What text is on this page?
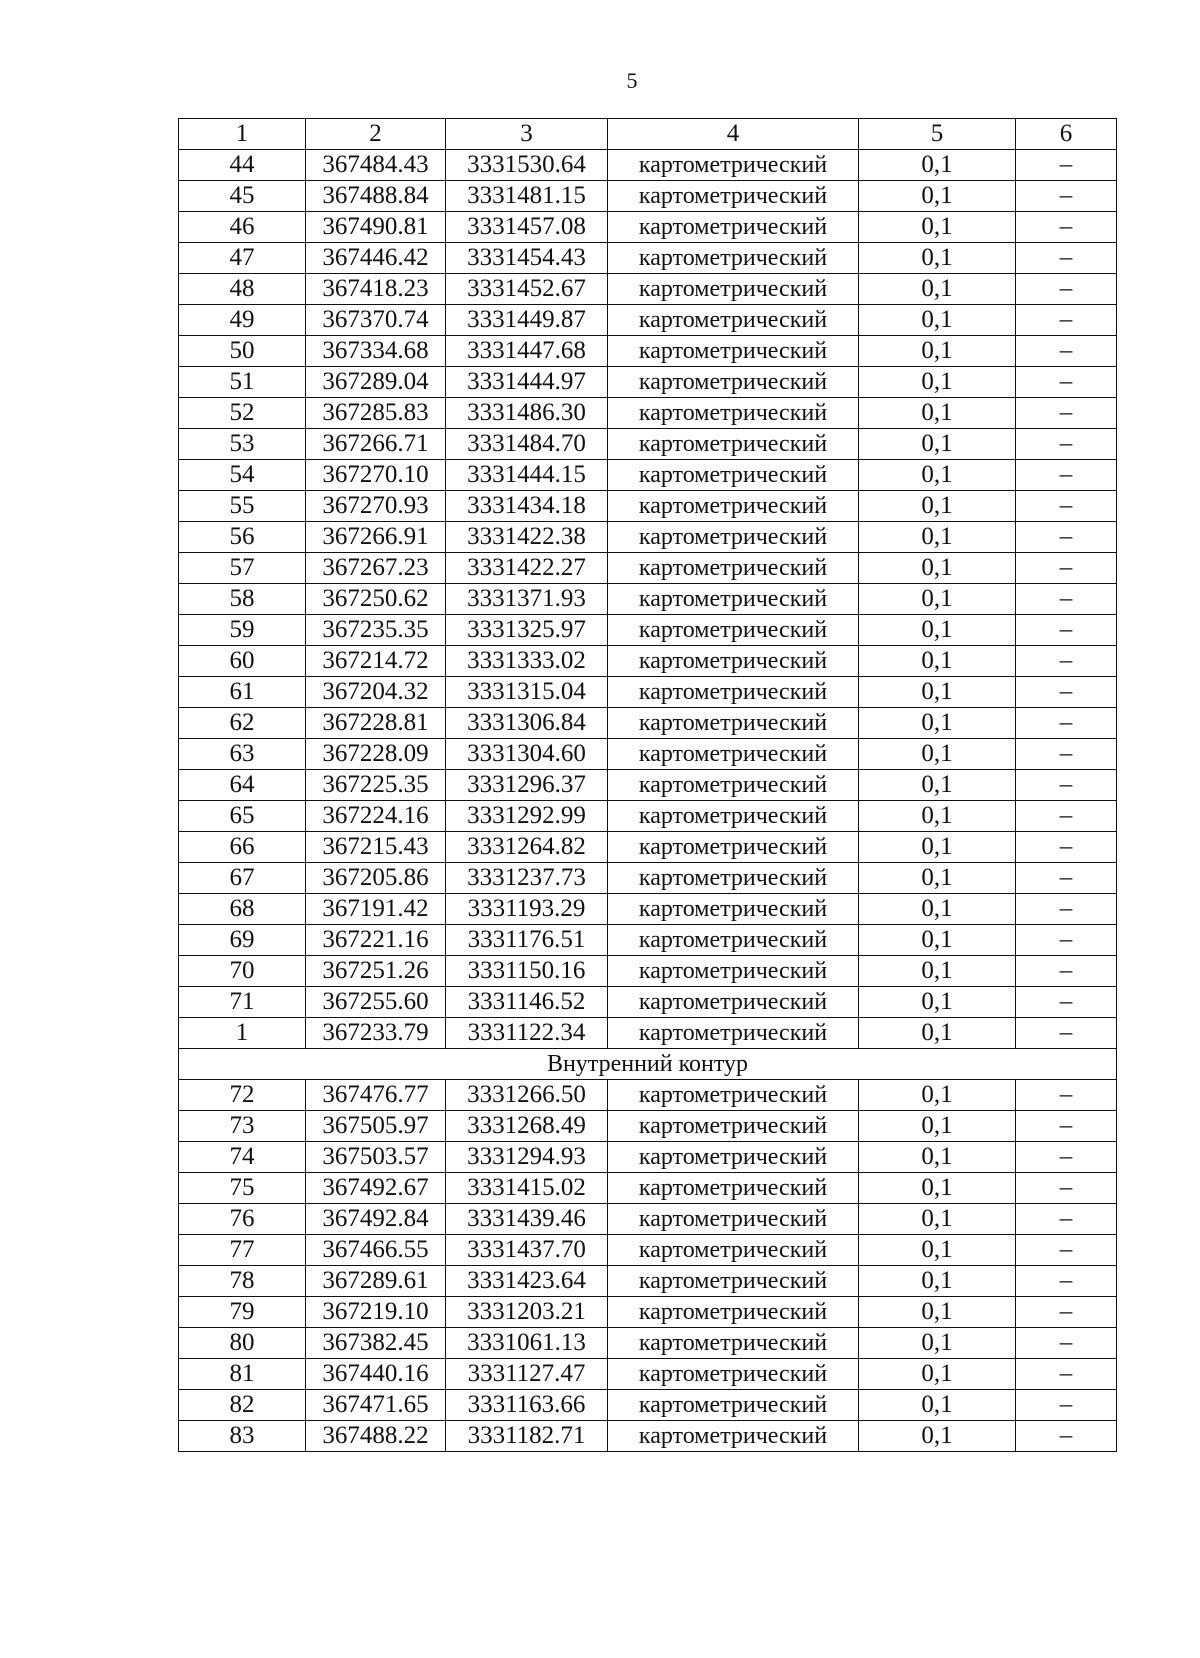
5
1	2	3	4	5	6
44	367484.43	3331530.64	картометрический	0,1	–
45	367488.84	3331481.15	картометрический	0,1	–
46	367490.81	3331457.08	картометрический	0,1	–
47	367446.42	3331454.43	картометрический	0,1	–
48	367418.23	3331452.67	картометрический	0,1	–
49	367370.74	3331449.87	картометрический	0,1	–
50	367334.68	3331447.68	картометрический	0,1	–
51	367289.04	3331444.97	картометрический	0,1	–
52	367285.83	3331486.30	картометрический	0,1	–
53	367266.71	3331484.70	картометрический	0,1	–
54	367270.10	3331444.15	картометрический	0,1	–
55	367270.93	3331434.18	картометрический	0,1	–
56	367266.91	3331422.38	картометрический	0,1	–
57	367267.23	3331422.27	картометрический	0,1	–
58	367250.62	3331371.93	картометрический	0,1	–
59	367235.35	3331325.97	картометрический	0,1	–
60	367214.72	3331333.02	картометрический	0,1	–
61	367204.32	3331315.04	картометрический	0,1	–
62	367228.81	3331306.84	картометрический	0,1	–
63	367228.09	3331304.60	картометрический	0,1	–
64	367225.35	3331296.37	картометрический	0,1	–
65	367224.16	3331292.99	картометрический	0,1	–
66	367215.43	3331264.82	картометрический	0,1	–
67	367205.86	3331237.73	картометрический	0,1	–
68	367191.42	3331193.29	картометрический	0,1	–
69	367221.16	3331176.51	картометрический	0,1	–
70	367251.26	3331150.16	картометрический	0,1	–
71	367255.60	3331146.52	картометрический	0,1	–
1	367233.79	3331122.34	картометрический	0,1	–
Внутренний контур					
72	367476.77	3331266.50	картометрический	0,1	–
73	367505.97	3331268.49	картометрический	0,1	–
74	367503.57	3331294.93	картометрический	0,1	–
75	367492.67	3331415.02	картометрический	0,1	–
76	367492.84	3331439.46	картометрический	0,1	–
77	367466.55	3331437.70	картометрический	0,1	–
78	367289.61	3331423.64	картометрический	0,1	–
79	367219.10	3331203.21	картометрический	0,1	–
80	367382.45	3331061.13	картометрический	0,1	–
81	367440.16	3331127.47	картометрический	0,1	–
82	367471.65	3331163.66	картометрический	0,1	–
83	367488.22	3331182.71	картометрический	0,1	–
